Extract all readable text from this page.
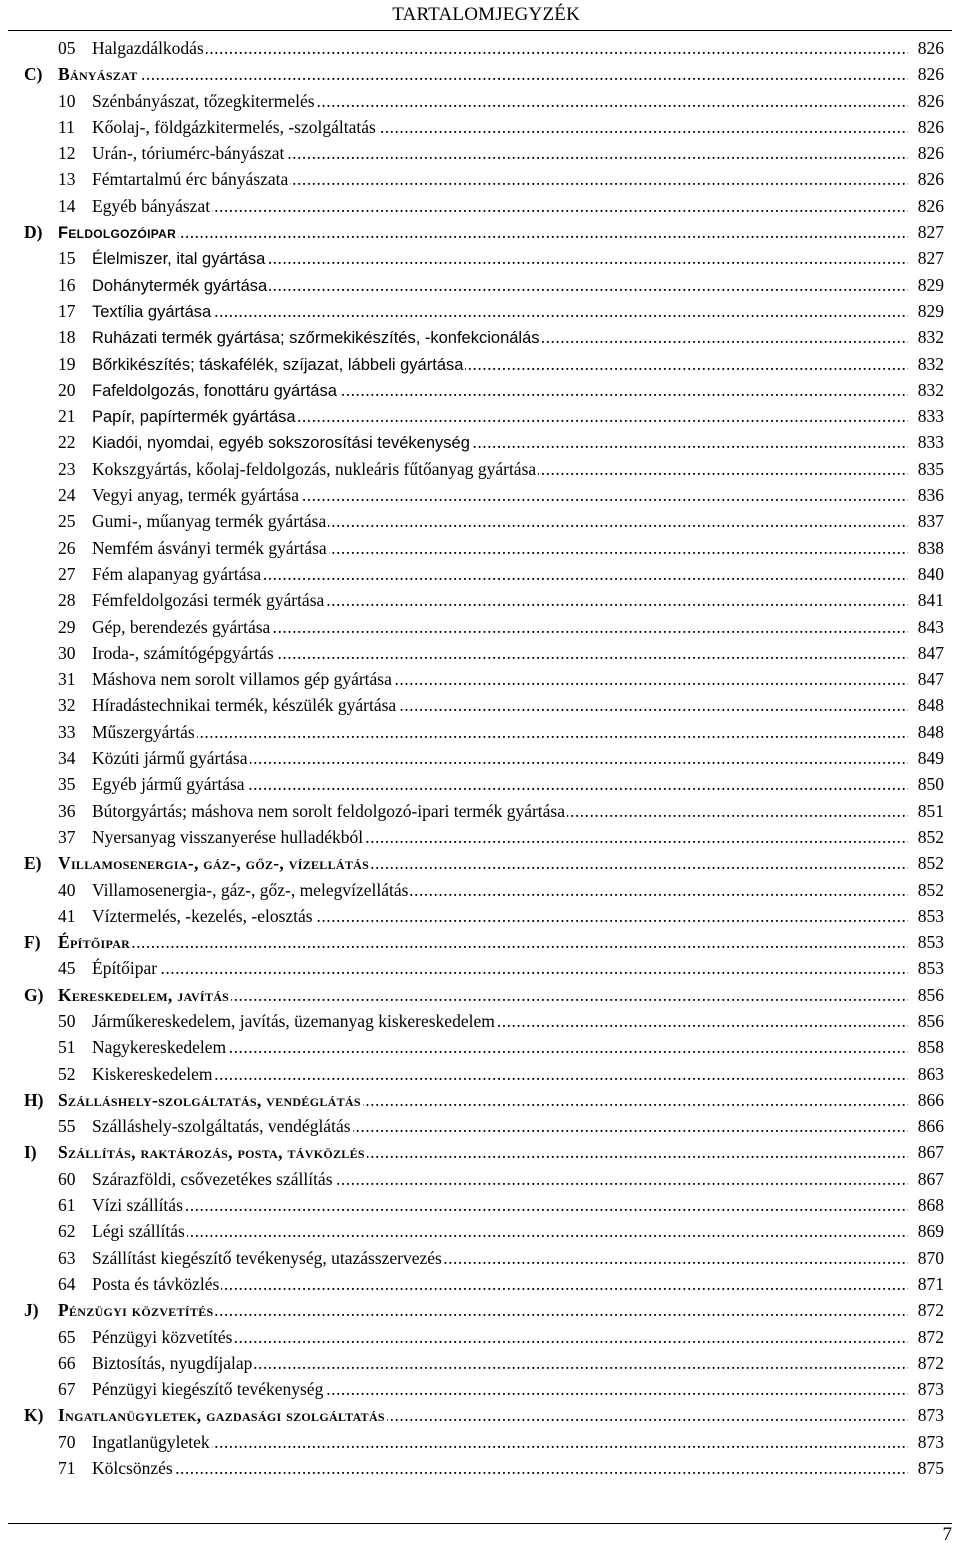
TARTALOMJEGYZÉK
05 Halgazdálkodás	826
.....
C) Bányászat	826
.....
10 Szénbányászat, tőzegkitermelés	826
.....
11 Kőolaj-, földgázkitermelés, -szolgáltatás	826
.....
12 Urán-, tóriumérc-bányászat	826
.....
13 Fémtartalmú érc bányászata	826
.....
14 Egyéb bányászat	826
.....
D) Feldolgozóipar	827
.....
15 Élelmiszer, ital gyártása	827
.....
16 Dohánytermék gyártása	829
.....
17 Textília gyártása	829
.....
18 Ruházati termék gyártása; szőrmekikészítés, -konfekcionálás	832
.....
19 Bőrkikészítés; táskafélék, szíjazat, lábbeli gyártása	832
.....
20 Fafeldolgozás, fonottáru gyártása	832
.....
21 Papír, papírtermék gyártása	833
.....
22 Kiadói, nyomdai, egyéb sokszorosítási tevékenység	833
.....
23 Kokszgyártás, kőolaj-feldolgozás, nukleáris fűtőanyag gyártása	835
.....
24 Vegyi anyag, termék gyártása	836
.....
25 Gumi-, műanyag termék gyártása	837
.....
26 Nemfém ásványi termék gyártása	838
.....
27 Fém alapanyag gyártása	840
.....
28 Fémfeldolgozási termék gyártása	841
.....
29 Gép, berendezés gyártása	843
.....
30 Iroda-, számítógépgyártás	847
.....
31 Máshova nem sorolt villamos gép gyártása	847
.....
32 Híradástechnikai termék, készülék gyártása	848
.....
33 Műszergyártás	848
.....
34 Közúti jármű gyártása	849
.....
35 Egyéb jármű gyártása	850
.....
36 Bútorgyártás; máshova nem sorolt feldolgozó-ipari termék gyártása	851
.....
37 Nyersanyag visszanyerése hulladékból	852
.....
E) Villamosenergia-, gáz-, gőz-, vízellátás	852
.....
40 Villamosenergia-, gáz-, gőz-, melegvízellátás	852
.....
41 Víztermelés, -kezelés, -elosztás	853
.....
F) Építőipar	853
.....
45 Építőipar	853
.....
G) Kereskedelem, javítás	856
.....
50 Járműkereskedelem, javítás, üzemanyag kiskereskedelem	856
.....
51 Nagykereskedelem	858
.....
52 Kiskereskedelem	863
.....
H) Szálláshely-szolgáltatás, vendéglátás	866
.....
55 Szálláshely-szolgáltatás, vendéglátás	866
.....
I) Szállítás, raktározás, posta, távközlés	867
.....
60 Szárazföldi, csővezetékes szállítás	867
.....
61 Vízi szállítás	868
.....
62 Légi szállítás	869
.....
63 Szállítást kiegészítő tevékenység, utazásszervezés	870
.....
64 Posta és távközlés	871
.....
J) Pénzügyi közvetítés	872
.....
65 Pénzügyi közvetítés	872
.....
66 Biztosítás, nyugdíjalap	872
.....
67 Pénzügyi kiegészítő tevékenység	873
.....
K) Ingatlanügyletek, gazdasági szolgáltatás	873
.....
70 Ingatlanügyletek	873
.....
71 Kölcsönzés	875
.....
7
